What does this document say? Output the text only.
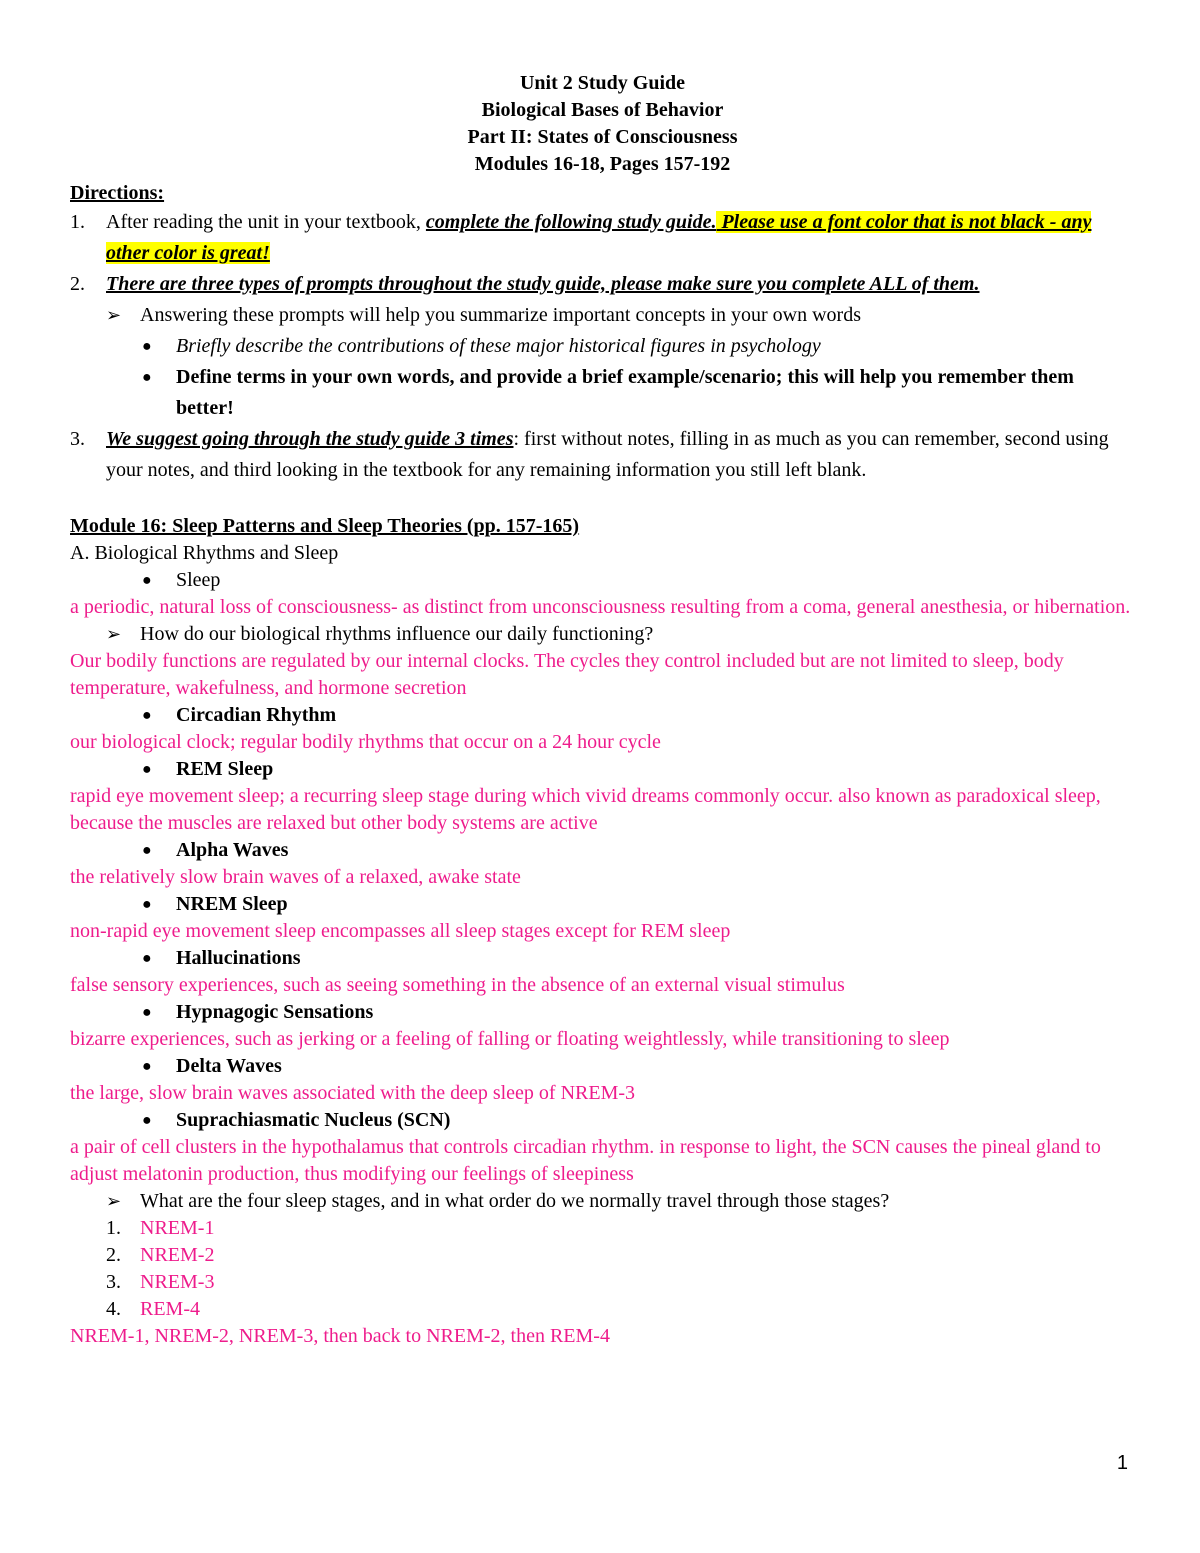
Unit 2 Study Guide
Biological Bases of Behavior
Part II: States of Consciousness
Modules 16-18, Pages 157-192
Directions:
1.	After reading the unit in your textbook, complete the following study guide. Please use a font color that is not black - any other color is great!
2.	There are three types of prompts throughout the study guide, please make sure you complete ALL of them.
➢ Answering these prompts will help you summarize important concepts in your own words
● Briefly describe the contributions of these major historical figures in psychology
● Define terms in your own words, and provide a brief example/scenario; this will help you remember them better!
3.	We suggest going through the study guide 3 times: first without notes, filling in as much as you can remember, second using your notes, and third looking in the textbook for any remaining information you still left blank.
Module 16: Sleep Patterns and Sleep Theories (pp. 157-165)
A. Biological Rhythms and Sleep
● Sleep
a periodic, natural loss of consciousness- as distinct from unconsciousness resulting from a coma, general anesthesia, or hibernation.
➢ How do our biological rhythms influence our daily functioning?
Our bodily functions are regulated by our internal clocks. The cycles they control included but are not limited to sleep, body temperature, wakefulness, and hormone secretion
● Circadian Rhythm
our biological clock; regular bodily rhythms that occur on a 24 hour cycle
● REM Sleep
rapid eye movement sleep; a recurring sleep stage during which vivid dreams commonly occur. also known as paradoxical sleep, because the muscles are relaxed but other body systems are active
● Alpha Waves
the relatively slow brain waves of a relaxed, awake state
● NREM Sleep
non-rapid eye movement sleep encompasses all sleep stages except for REM sleep
● Hallucinations
false sensory experiences, such as seeing something in the absence of an external visual stimulus
● Hypnagogic Sensations
bizarre experiences, such as jerking or a feeling of falling or floating weightlessly, while transitioning to sleep
● Delta Waves
the large, slow brain waves associated with the deep sleep of NREM-3
● Suprachiasmatic Nucleus (SCN)
a pair of cell clusters in the hypothalamus that controls circadian rhythm. in response to light, the SCN causes the pineal gland to adjust melatonin production, thus modifying our feelings of sleepiness
➢ What are the four sleep stages, and in what order do we normally travel through those stages?
1. NREM-1
2. NREM-2
3. NREM-3
4. REM-4
NREM-1, NREM-2, NREM-3, then back to NREM-2, then REM-4
1
